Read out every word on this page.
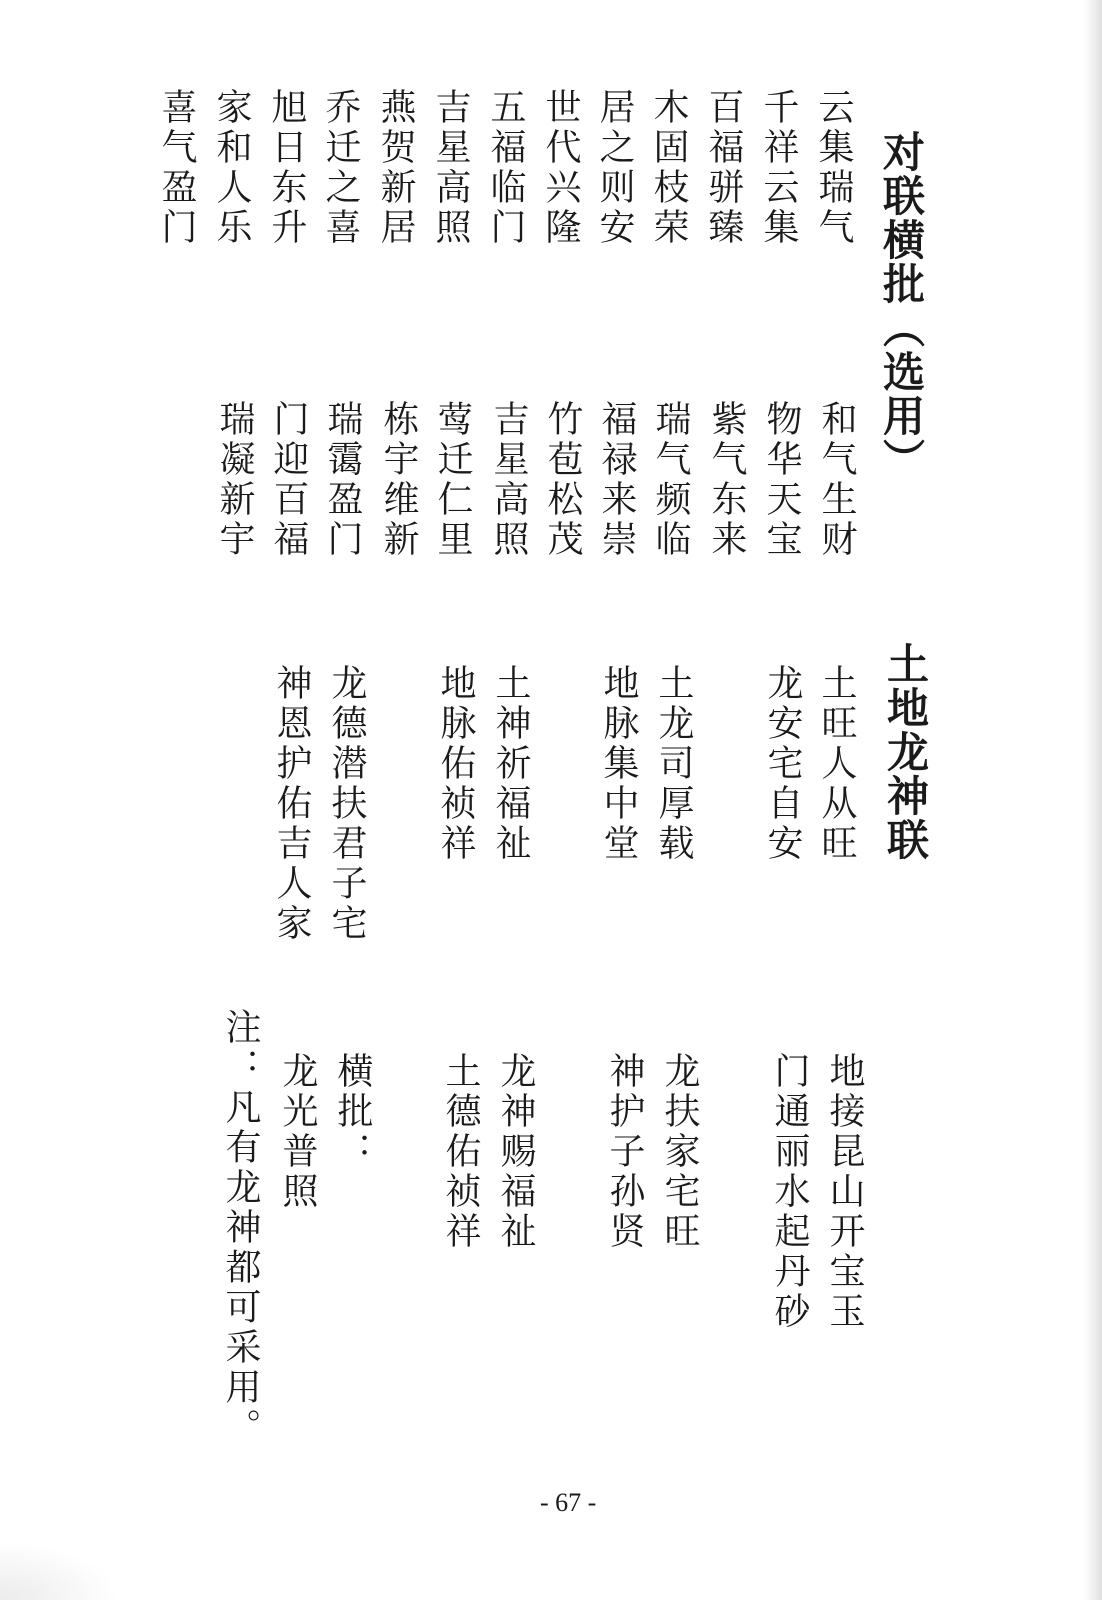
对联横批（选用）
云集瑞气
千祥云集
百福骈臻
木固枝荣
居之则安
世代兴隆
五福临门
吉星高照
燕贺新居
乔迁之喜
旭日东升
家和人乐
喜气盈门
和气生财
物华天宝
紫气东来
瑞气频临
福禄来崇
竹苞松茂
吉星高照
莺迁仁里
栋宇维新
瑞霭盈门
门迎百福
瑞凝新宇
土地龙神联
土旺人从旺
龙安宅自安
土龙司厚载
地脉集中堂
土神祈福祉
地脉佑祯祥
龙德潜扶君子宅
神恩护佑吉人家
地接昆山开宝玉
门通丽水起丹砂
龙扶家宅旺
神护子孙贤
龙神赐福祉
土德佑祯祥
横批：
龙光普照
注：凡有龙神都可采用。
- 67 -
